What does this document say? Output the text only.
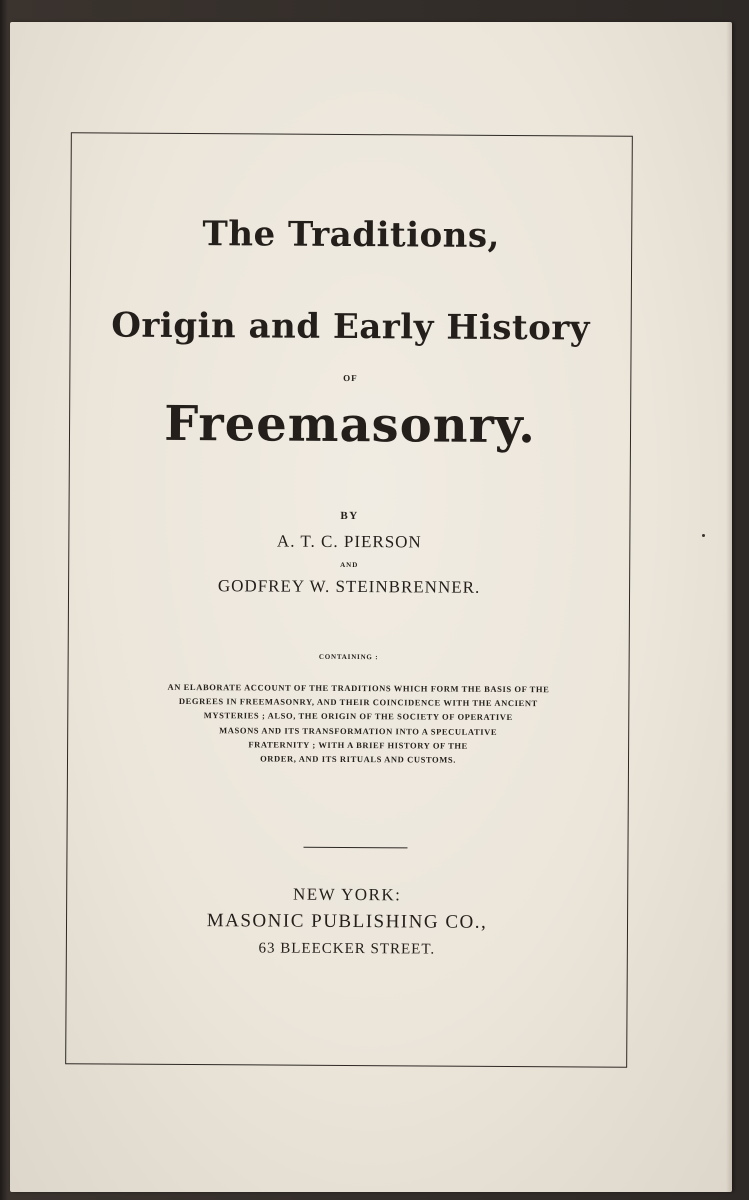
The Traditions,
Origin and Early History
OF
Freemasonry.
BY
A. T. C. PIERSON
AND
GODFREY W. STEINBRENNER.
CONTAINING :
AN ELABORATE ACCOUNT OF THE TRADITIONS WHICH FORM THE BASIS OF THE
DEGREES IN FREEMASONRY, AND THEIR COINCIDENCE WITH THE ANCIENT
MYSTERIES ; ALSO, THE ORIGIN OF THE SOCIETY OF OPERATIVE
MASONS AND ITS TRANSFORMATION INTO A SPECULATIVE
FRATERNITY ; WITH A BRIEF HISTORY OF THE
ORDER, AND ITS RITUALS AND CUSTOMS.
NEW YORK:
MASONIC PUBLISHING CO.,
63 BLEECKER STREET.
